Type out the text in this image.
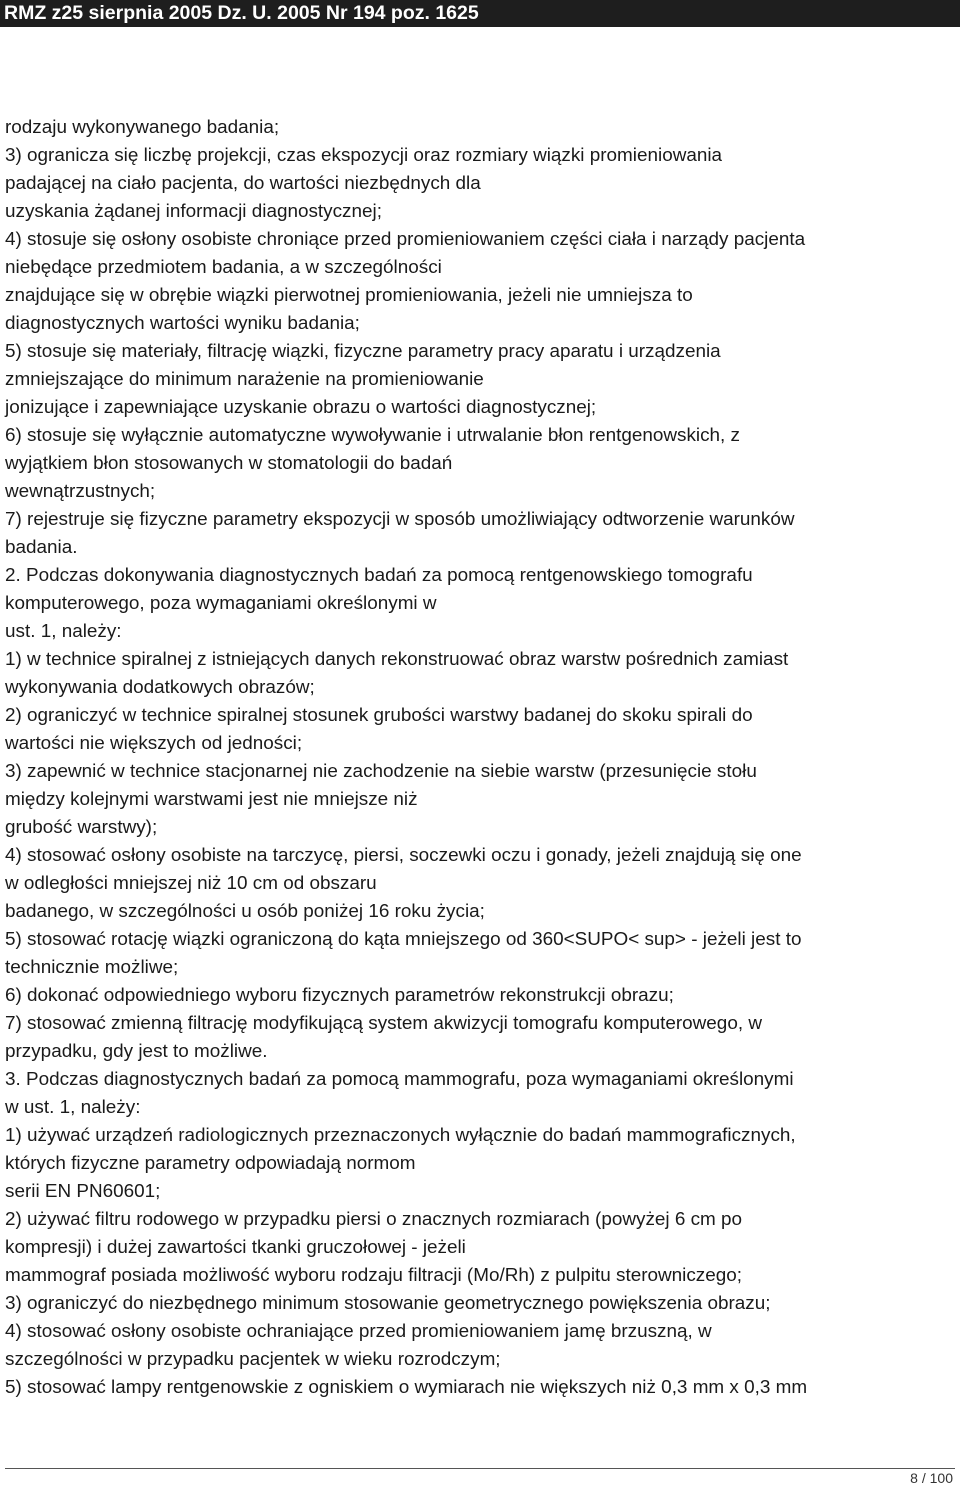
RMZ z25 sierpnia 2005 Dz. U. 2005 Nr 194 poz. 1625
rodzaju wykonywanego badania;
3) ogranicza się liczbę projekcji, czas ekspozycji oraz rozmiary wiązki promieniowania
padającej na ciało pacjenta, do wartości niezbędnych dla
uzyskania żądanej informacji diagnostycznej;
4) stosuje się osłony osobiste chroniące przed promieniowaniem części ciała i narządy pacjenta
niebędące przedmiotem badania, a w szczególności
znajdujące się w obrębie wiązki pierwotnej promieniowania, jeżeli nie umniejsza to
diagnostycznych wartości wyniku badania;
5) stosuje się materiały, filtrację wiązki, fizyczne parametry pracy aparatu i urządzenia
zmniejszające do minimum narażenie na promieniowanie
jonizujące i zapewniające uzyskanie obrazu o wartości diagnostycznej;
6) stosuje się wyłącznie automatyczne wywoływanie i utrwalanie błon rentgenowskich, z
wyjątkiem błon stosowanych w stomatologii do badań
wewnątrzustnych;
7) rejestruje się fizyczne parametry ekspozycji w sposób umożliwiający odtworzenie warunków
badania.
2. Podczas dokonywania diagnostycznych badań za pomocą rentgenowskiego tomografu
komputerowego, poza wymaganiami określonymi w
ust. 1, należy:
1) w technice spiralnej z istniejących danych rekonstruować obraz warstw pośrednich zamiast
wykonywania dodatkowych obrazów;
2) ograniczyć w technice spiralnej stosunek grubości warstwy badanej do skoku spirali do
wartości nie większych od jedności;
3) zapewnić w technice stacjonarnej nie zachodzenie na siebie warstw (przesunięcie stołu
między kolejnymi warstwami jest nie mniejsze niż
grubość warstwy);
4) stosować osłony osobiste na tarczycę, piersi, soczewki oczu i gonady, jeżeli znajdują się one
w odległości mniejszej niż 10 cm od obszaru
badanego, w szczególności u osób poniżej 16 roku życia;
5) stosować rotację wiązki ograniczoną do kąta mniejszego od 360<SUPO< sup> - jeżeli jest to
technicznie możliwe;
6) dokonać odpowiedniego wyboru fizycznych parametrów rekonstrukcji obrazu;
7) stosować zmienną filtrację modyfikującą system akwizycji tomografu komputerowego, w
przypadku, gdy jest to możliwe.
3. Podczas diagnostycznych badań za pomocą mammografu, poza wymaganiami określonymi
w ust. 1, należy:
1) używać urządzeń radiologicznych przeznaczonych wyłącznie do badań mammograficznych,
których fizyczne parametry odpowiadają normom
serii EN PN60601;
2) używać filtru rodowego w przypadku piersi o znacznych rozmiarach (powyżej 6 cm po
kompresji) i dużej zawartości tkanki gruczołowej - jeżeli
mammograf posiada możliwość wyboru rodzaju filtracji (Mo/Rh) z pulpitu sterowniczego;
3) ograniczyć do niezbędnego minimum stosowanie geometrycznego powiększenia obrazu;
4) stosować osłony osobiste ochraniające przed promieniowaniem jamę brzuszną, w
szczególności w przypadku pacjentek w wieku rozrodczym;
5) stosować lampy rentgenowskie z ogniskiem o wymiarach nie większych niż 0,3 mm x 0,3 mm
8 / 100
